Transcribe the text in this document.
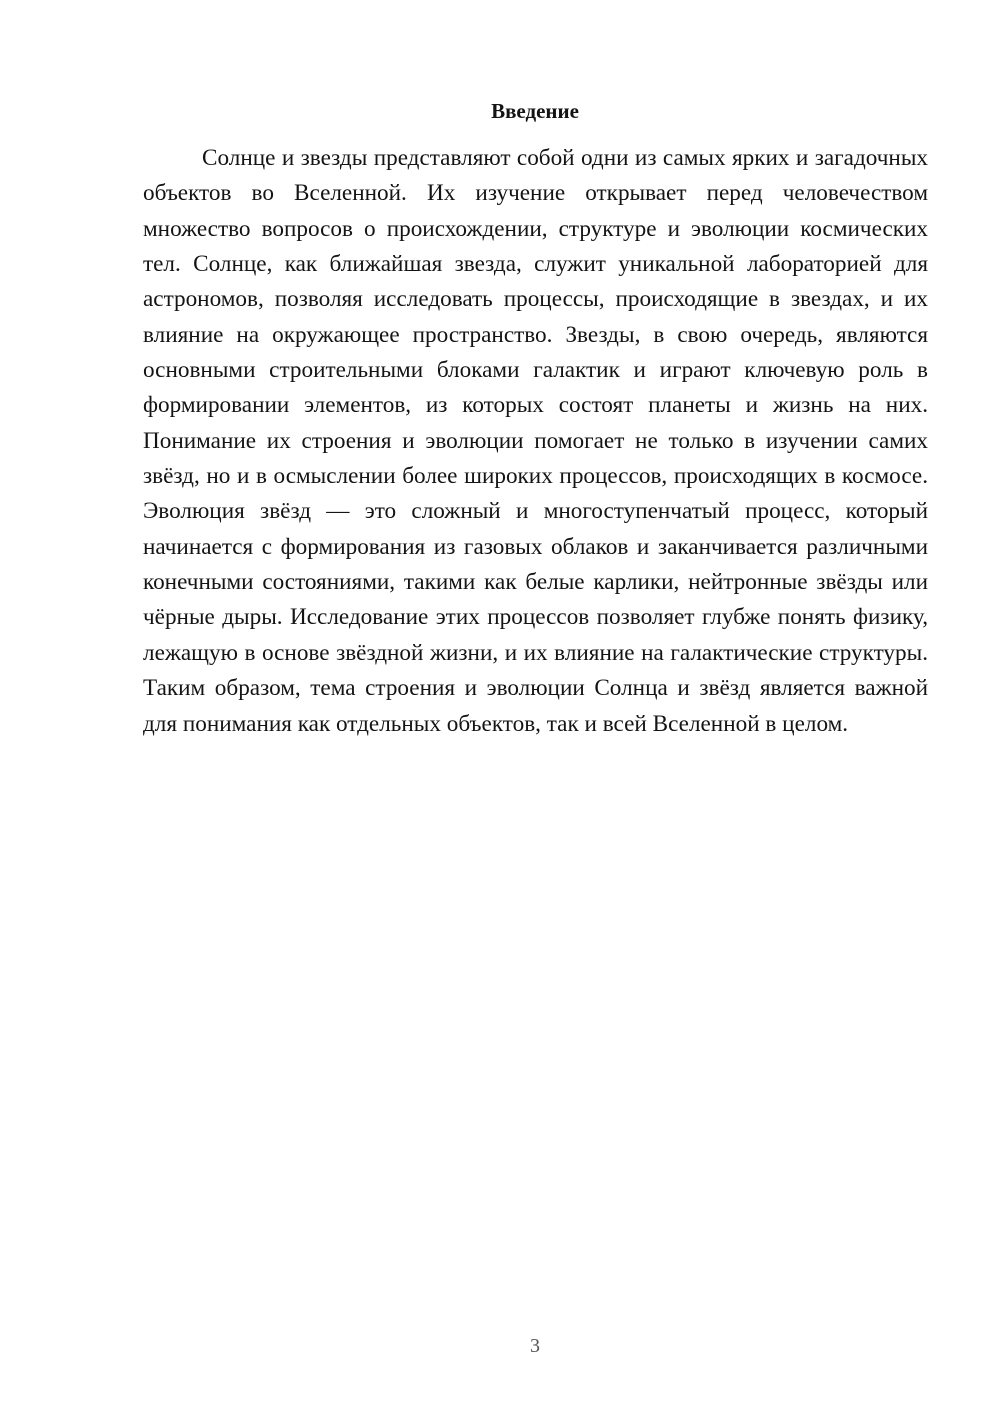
Введение

Солнце и звезды представляют собой одни из самых ярких и загадочных объектов во Вселенной. Их изучение открывает перед человечеством множество вопросов о происхождении, структуре и эволюции космических тел. Солнце, как ближайшая звезда, служит уникальной лабораторией для астрономов, позволяя исследовать процессы, происходящие в звездах, и их влияние на окружающее пространство. Звезды, в свою очередь, являются основными строительными блоками галактик и играют ключевую роль в формировании элементов, из которых состоят планеты и жизнь на них. Понимание их строения и эволюции помогает не только в изучении самих звёзд, но и в осмыслении более широких процессов, происходящих в космосе. Эволюция звёзд — это сложный и многоступенчатый процесс, который начинается с формирования из газовых облаков и заканчивается различными конечными состояниями, такими как белые карлики, нейтронные звёзды или чёрные дыры. Исследование этих процессов позволяет глубже понять физику, лежащую в основе звёздной жизни, и их влияние на галактические структуры. Таким образом, тема строения и эволюции Солнца и звёзд является важной для понимания как отдельных объектов, так и всей Вселенной в целом.

3
